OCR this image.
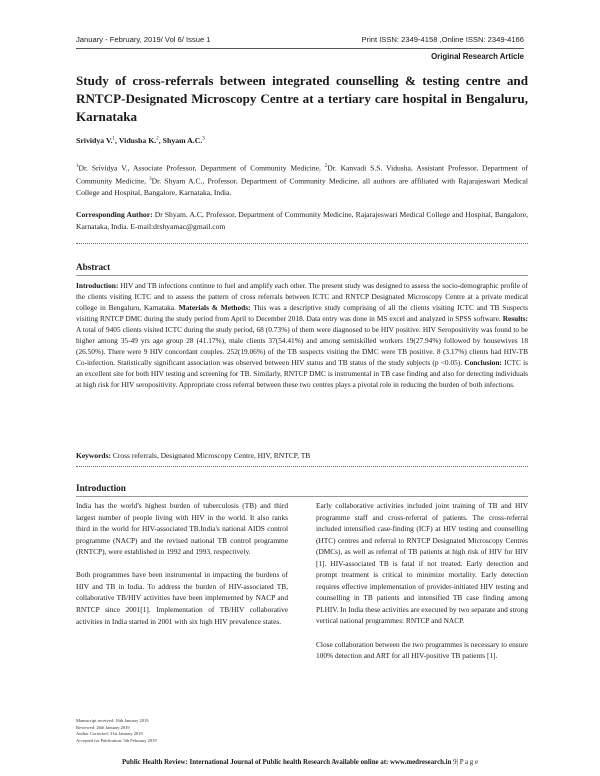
January - February, 2019/ Vol 6/ Issue 1	Print ISSN: 2349-4158 ,Online ISSN: 2349-4166
Original Research Article
Study of cross-referrals between integrated counselling & testing centre and RNTCP-Designated Microscopy Centre at a tertiary care hospital in Bengaluru, Karnataka
Srividya V.$^1$, Vidusha K.$^2$, Shyam A.C.$^3$
$^1$Dr. Srividya V., Associate Professor, Department of Community Medicine, $^2$Dr. Kanvadi S.S. Vidusha, Assistant Professor, Department of Community Medicine, $^3$Dr. Shyam A.C., Professor, Department of Community Medicine, all authors are affiliated with Rajarajeswari Medical College and Hospital, Bangalore, Karnataka, India.
Corresponding Author: Dr Shyam. A.C, Professor, Department of Community Medicine, Rajarajeswari Medical College and Hospital, Bangalore, Karnataka, India. E-mail:drshyamac@gmail.com
Abstract
Introduction: HIV and TB infections continue to fuel and amplify each other. The present study was designed to assess the socio-demographic profile of the clients visiting ICTC and to assess the pattern of cross referrals between ICTC and RNTCP Designated Microscopy Centre at a private medical college in Bengaluru, Karnataka. Materials & Methods: This was a descriptive study comprising of all the clients visiting ICTC and TB Suspects visiting RNTCP DMC during the study period from April to December 2018. Data entry was done in MS excel and analyzed in SPSS software. Results: A total of 9405 clients visited ICTC during the study period, 68 (0.73%) of them were diagnosed to be HIV positive. HIV Seropositivity was found to be higher among 35-49 yrs age group 28 (41.17%), male clients 37(54.41%) and among semiskilled workers 19(27.94%) followed by housewives 18 (26.50%). There were 9 HIV concordant couples. 252(19.06%) of the TB suspects visiting the DMC were TB positive. 8 (3.17%) clients had HIV-TB Co-infection. Statistically significant association was observed between HIV status and TB status of the study subjects (p <0.05). Conclusion: ICTC is an excellent site for both HIV testing and screening for TB. Similarly, RNTCP DMC is instrumental in TB case finding and also for detecting individuals at high risk for HIV seropositivity. Appropriate cross referral between these two centres plays a pivotal role in reducing the burden of both infections.
Keywords: Cross referrals, Designated Microscopy Centre, HIV, RNTCP, TB
Introduction

India has the world's highest burden of tuberculosis (TB) and third largest number of people living with HIV in the world. It also ranks third in the world for HIV-associated TB.India's national AIDS control programme (NACP) and the revised national TB control programme (RNTCP), were established in 1992 and 1993, respectively.

Both programmes have been instrumental in impacting the burdens of HIV and TB in India. To address the burden of HIV-associated TB, collaborative TB/HIV activities have been implemented by NACP and RNTCP since 2001[1]. Implementation of TB/HIV collaborative activities in India started in 2001 with six high HIV prevalence states.

Early collaborative activities included joint training of TB and HIV programme staff and cross-referral of patients. The cross-referral included intensified case-finding (ICF) at HIV testing and counselling (HTC) centres and referral to RNTCP Designated Microscopy Centres (DMCs), as well as referral of TB patients at high risk of HIV for HIV [1]. HIV-associated TB is fatal if not treated. Early detection and prompt treatment is critical to minimize mortality. Early detection requires effective implementation of provider-initiated HIV testing and counselling in TB patients and intensified TB case finding among PLHIV. In India these activities are executed by two separate and strong vertical national programmes: RNTCP and NACP.

Close collaboration between the two programmes is necessary to ensure 100% detection and ART for all HIV-positive TB patients [1].

Manuscript received: 16th January 2019
Reviewed: 26th January 2019
Author Corrected: 31st January 2019
Accepted for Publication: 5th February 2019
Public Health Review: International Journal of Public health Research Available online at: www.medresearch.in 9| P a g e
